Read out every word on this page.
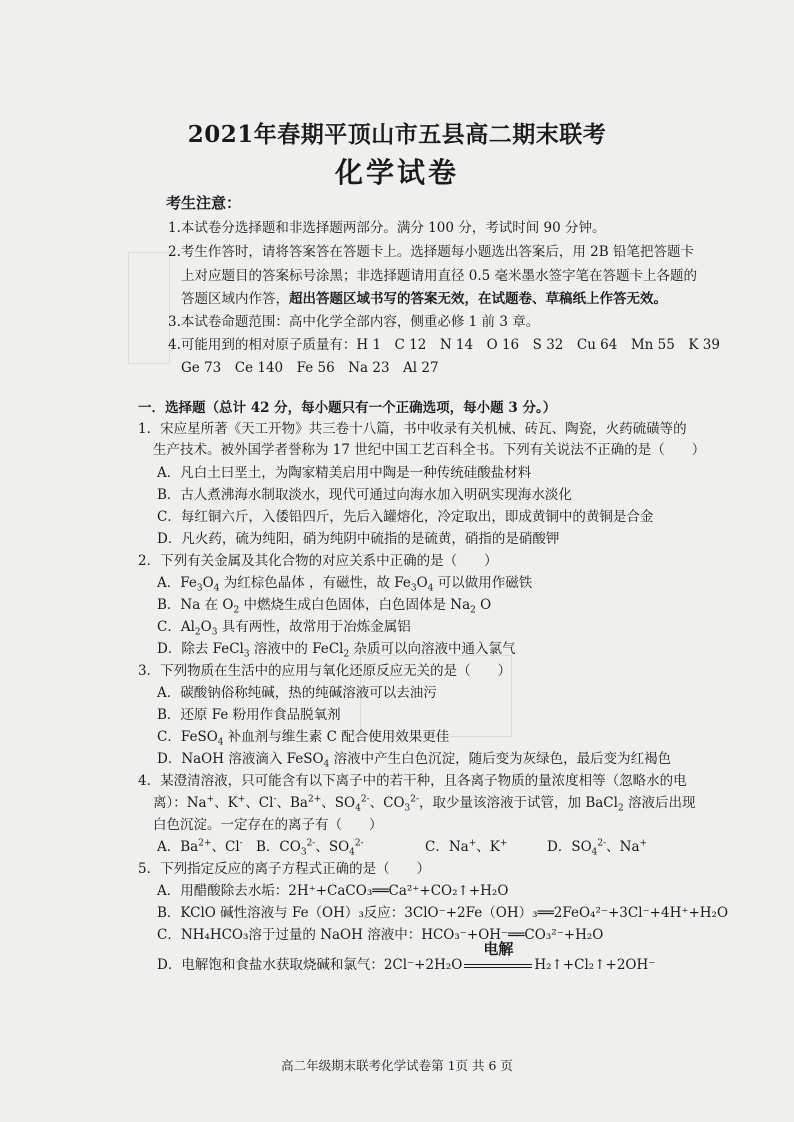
2021年春期平顶山市五县高二期末联考
化学试卷
考生注意：
1.本试卷分选择题和非选择题两部分。满分 100 分，考试时间 90 分钟。
2.考生作答时，请将答案答在答题卡上。选择题每小题选出答案后，用 2B 铅笔把答题卡
上对应题目的答案标号涂黑；非选择题请用直径 0.5 毫米墨水签字笔在答题卡上各题的
答题区域内作答，超出答题区域书写的答案无效，在试题卷、草稿纸上作答无效。
3.本试卷命题范围：高中化学全部内容，侧重必修 1 前 3 章。
4.可能用到的相对原子质量有：H 1　C 12　N 14　O 16　S 32　Cu 64　Mn 55　K 39
Ge 73　Ce 140　Fe 56　Na 23　Al 27
一．选择题（总计 42 分，每小题只有一个正确选项，每小题 3 分。）
1．宋应星所著《天工开物》共三卷十八篇，书中收录有关机械、砖瓦、陶瓷，火药硫磺等的
生产技术。被外国学者誉称为 17 世纪中国工艺百科全书。下列有关说法不正确的是（　　）
A．凡白土曰垩土，为陶家精美启用中陶是一种传统硅酸盐材料
B．古人煮沸海水制取淡水，现代可通过向海水加入明矾实现海水淡化
C．每红铜六斤，入倭铅四斤，先后入罐熔化，冷定取出，即成黄铜中的黄铜是合金
D．凡火药，硫为纯阳，硝为纯阴中硫指的是硫黄，硝指的是硝酸钾
2．下列有关金属及其化合物的对应关系中正确的是（　　）
A．$Fe_3O_4$ 为红棕色晶体 ，有磁性，故 $Fe_3O_4$ 可以做用作磁铁
B．Na 在 $O_2$ 中燃烧生成白色固体，白色固体是 $Na_2$ O
C．$Al_2O_3$ 具有两性，故常用于冶炼金属铝
D．除去 FeCl$_3$ 溶液中的 FeCl$_2$ 杂质可以向溶液中通入氯气
3．下列物质在生活中的应用与氧化还原反应无关的是（　　）
A．碳酸钠俗称纯碱，热的纯碱溶液可以去油污
B．还原 Fe 粉用作食品脱氧剂
C．FeSO$_4$ 补血剂与维生素 C 配合使用效果更佳
D．NaOH 溶液滴入 FeSO$_4$ 溶液中产生白色沉淀，随后变为灰绿色，最后变为红褐色
4．某澄清溶液，只可能含有以下离子中的若干种，且各离子物质的量浓度相等（忽略水的电
离）：Na+、K+、Cl-、$Ba^{2+}$、$SO_4^{2-}$、$CO_3^{2-}$，取少量该溶液于试管，加 BaCl$_2$ 溶液后出现
白色沉淀。一定存在的离子有（　　）
A．$Ba^{2+}$、Cl- B．$CO_3^{2-}$、$SO_4^{2-}$	C．Na+、K+	D．$SO_4^{2-}$、Na+
5．下列指定反应的离子方程式正确的是（　　）
A．用醋酸除去水垢：2H⁺+CaCO₃══Ca²⁺+CO₂↑+H₂O
B．KClO 碱性溶液与 Fe（OH）₃反应：3ClO⁻+2Fe（OH）₃══2FeO₄²⁻+3Cl⁻+4H⁺+H₂O
C．NH₄HCO₃溶于过量的 NaOH 溶液中：HCO₃⁻+OH⁻══CO₃²⁻+H₂O
D．电解饱和食盐水获取烧碱和氯气：2Cl⁻+2H₂O
电解
H₂↑+Cl₂↑+2OH⁻
高二年级期末联考化学试卷第 1页 共 6 页
